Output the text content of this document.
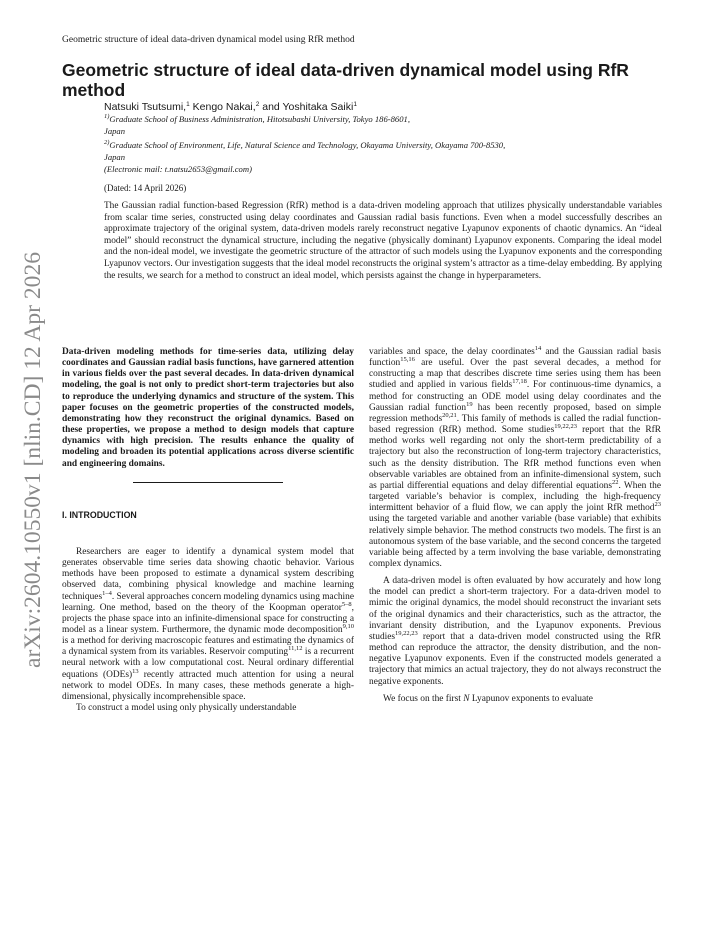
Geometric structure of ideal data-driven dynamical model using RfR method
arXiv:2604.10550v1 [nlin.CD] 12 Apr 2026
Geometric structure of ideal data-driven dynamical model using RfR method
Natsuki Tsutsumi,$^1$ Kengo Nakai,$^2$ and Yoshitaka Saiki$^1$
$^{1)}$Graduate School of Business Administration, Hitotsubashi University, Tokyo 186-8601,
Japan
$^{2)}$Graduate School of Environment, Life, Natural Science and Technology, Okayama University, Okayama 700-8530,
Japan
(Electronic mail: t.natsu2653@gmail.com)
(Dated: 14 April 2026)

The Gaussian radial function-based Regression (RfR) method is a data-driven modeling approach that utilizes physically understandable variables from scalar time series, constructed using delay coordinates and Gaussian radial basis functions. Even when a model successfully describes an approximate trajectory of the original system, data-driven models rarely reconstruct negative Lyapunov exponents of chaotic dynamics. An “ideal model” should reconstruct the dynamical structure, including the negative (physically dominant) Lyapunov exponents. Comparing the ideal model and the non-ideal model, we investigate the geometric structure of the attractor of such models using the Lyapunov exponents and the corresponding Lyapunov vectors. Our investigation suggests that the ideal model reconstructs the original system’s attractor as a time-delay embedding. By applying the results, we search for a method to construct an ideal model, which persists against the change in hyperparameters.

Data-driven modeling methods for time-series data, utilizing delay coordinates and Gaussian radial basis functions, have garnered attention in various fields over the past several decades. In data-driven dynamical modeling, the goal is not only to predict short-term trajectories but also to reproduce the underlying dynamics and structure of the system. This paper focuses on the geometric properties of the constructed models, demonstrating how they reconstruct the original dynamics. Based on these properties, we propose a method to design models that capture dynamics with high precision. The results enhance the quality of modeling and broaden its potential applications across diverse scientific and engineering domains.

I. INTRODUCTION

Researchers are eager to identify a dynamical system model that generates observable time series data showing chaotic behavior. Various methods have been proposed to estimate a dynamical system describing observed data, combining physical knowledge and machine learning techniques$^{1-4}$. Several approaches concern modeling dynamics using machine learning. One method, based on the theory of the Koopman operator$^{5-8}$, projects the phase space into an infinite-dimensional space for constructing a model as a linear system. Furthermore, the dynamic mode decomposition$^{9,10}$ is a method for deriving macroscopic features and estimating the dynamics of a dynamical system from its variables. Reservoir computing$^{11,12}$ is a recurrent neural network with a low computational cost. Neural ordinary differential equations (ODEs)$^{13}$ recently attracted much attention for using a neural network to model ODEs. In many cases, these methods generate a high-dimensional, physically incomprehensible space.

To construct a model using only physically understandable

variables and space, the delay coordinates$^{14}$ and the Gaussian radial basis function$^{15,16}$ are useful. Over the past several decades, a method for constructing a map that describes discrete time series using them has been studied and applied in various fields$^{17,18}$. For continuous-time dynamics, a method for constructing an ODE model using delay coordinates and the Gaussian radial function$^{19}$ has been recently proposed, based on simple regression methods$^{20,21}$. This family of methods is called the radial function-based regression (RfR) method. Some studies$^{19,22,23}$ report that the RfR method works well regarding not only the short-term predictability of a trajectory but also the reconstruction of long-term trajectory characteristics, such as the density distribution. The RfR method functions even when observable variables are obtained from an infinite-dimensional system, such as partial differential equations and delay differential equations$^{22}$. When the targeted variable’s behavior is complex, including the high-frequency intermittent behavior of a fluid flow, we can apply the joint RfR method$^{23}$ using the targeted variable and another variable (base variable) that exhibits relatively simple behavior. The method constructs two models. The first is an autonomous system of the base variable, and the second concerns the targeted variable being affected by a term involving the base variable, demonstrating complex dynamics.

A data-driven model is often evaluated by how accurately and how long the model can predict a short-term trajectory. For a data-driven model to mimic the original dynamics, the model should reconstruct the invariant sets of the original dynamics and their characteristics, such as the attractor, the invariant density distribution, and the Lyapunov exponents. Previous studies$^{19,22,23}$ report that a data-driven model constructed using the RfR method can reproduce the attractor, the density distribution, and the non-negative Lyapunov exponents. Even if the constructed models generated a trajectory that mimics an actual trajectory, they do not always reconstruct the negative exponents.

We focus on the first N Lyapunov exponents to evaluate
